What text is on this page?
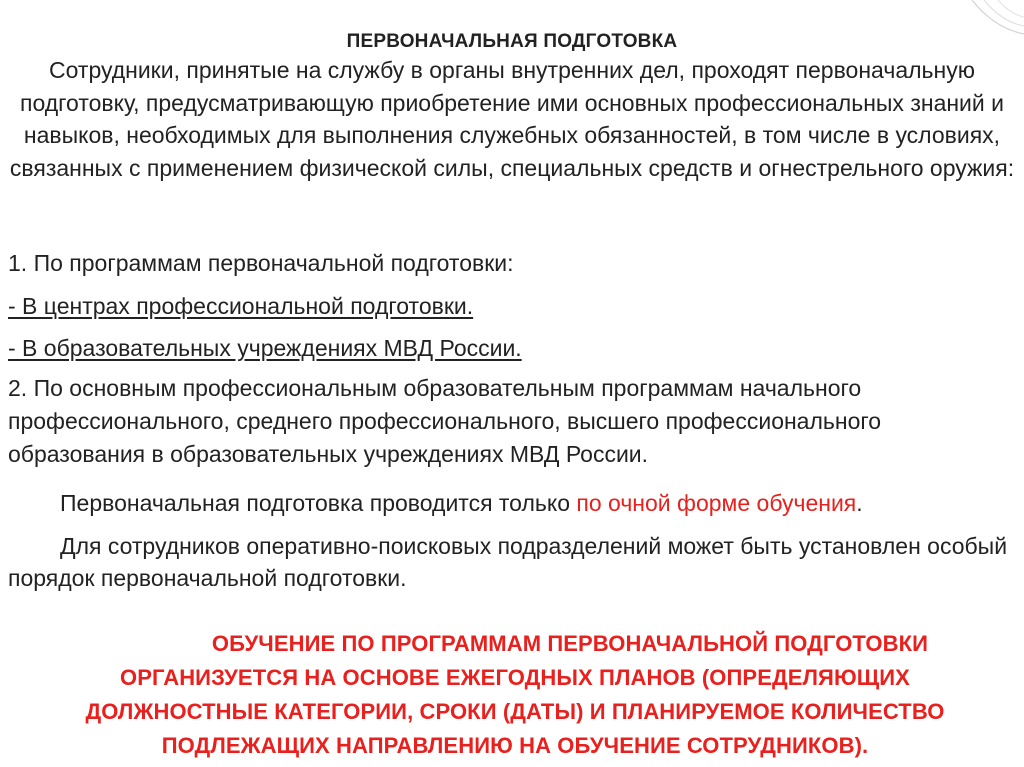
ПЕРВОНАЧАЛЬНАЯ ПОДГОТОВКА
Сотрудники, принятые на службу в органы внутренних дел, проходят первоначальную подготовку, предусматривающую приобретение ими основных профессиональных знаний и навыков, необходимых для выполнения служебных обязанностей, в том числе в условиях, связанных с применением физической силы, специальных средств и огнестрельного оружия:
1. По программам первоначальной подготовки:
- В центрах профессиональной подготовки.
- В образовательных учреждениях МВД России.
2. По основным профессиональным образовательным программам начального профессионального, среднего профессионального, высшего профессионального образования в образовательных учреждениях МВД России.
Первоначальная подготовка проводится только по очной форме обучения.
Для сотрудников оперативно-поисковых подразделений может быть установлен особый порядок первоначальной подготовки.
ОБУЧЕНИЕ ПО ПРОГРАММАМ ПЕРВОНАЧАЛЬНОЙ ПОДГОТОВКИ
ОРГАНИЗУЕТСЯ НА ОСНОВЕ ЕЖЕГОДНЫХ ПЛАНОВ (ОПРЕДЕЛЯЮЩИХ
ДОЛЖНОСТНЫЕ КАТЕГОРИИ, СРОКИ (ДАТЫ) И ПЛАНИРУЕМОЕ КОЛИЧЕСТВО
ПОДЛЕЖАЩИХ НАПРАВЛЕНИЮ НА ОБУЧЕНИЕ СОТРУДНИКОВ).
